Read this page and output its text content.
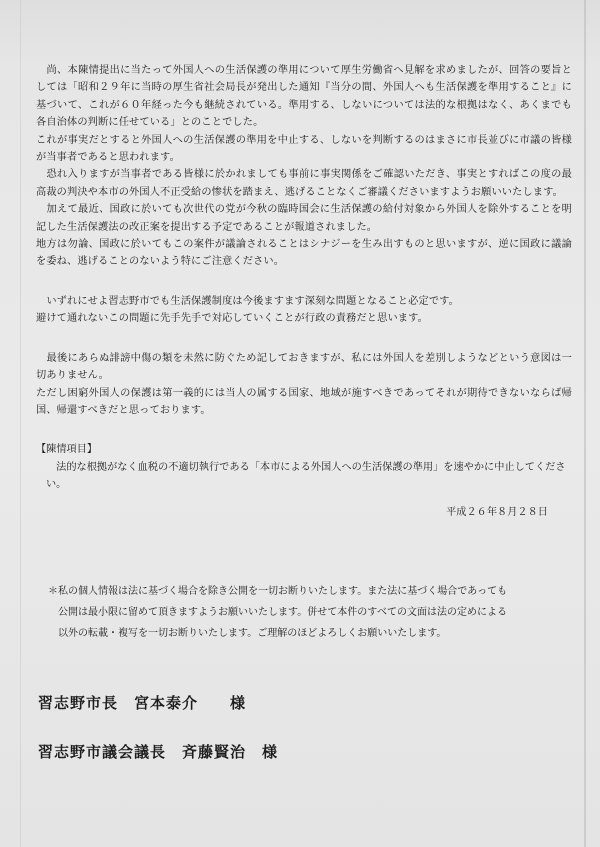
　尚、本陳情提出に当たって外国人への生活保護の準用について厚生労働省へ見解を求めましたが、回答の要旨としては「昭和２９年に当時の厚生省社会局長が発出した通知『当分の間、外国人へも生活保護を準用すること』に基づいて、これが６０年経った今も継続されている。準用する、しないについては法的な根拠はなく、あくまでも各自治体の判断に任せている」とのことでした。

これが事実だとすると外国人への生活保護の準用を中止する、しないを判断するのはまさに市長並びに市議の皆様が当事者であると思われます。

　恐れ入りますが当事者である皆様に於かれましても事前に事実関係をご確認いただき、事実とすればこの度の最高裁の判決や本市の外国人不正受給の惨状を踏まえ、逃げることなくご審議くださいますようお願いいたします。

　加えて最近、国政に於いても次世代の党が今秋の臨時国会に生活保護の給付対象から外国人を除外することを明記した生活保護法の改正案を提出する予定であることが報道されました。

地方は勿論、国政に於いてもこの案件が議論されることはシナジーを生み出すものと思いますが、逆に国政に議論を委ね、逃げることのないよう特にご注意ください。

　いずれにせよ習志野市でも生活保護制度は今後ますます深刻な問題となること必定です。

避けて通れないこの問題に先手先手で対応していくことが行政の責務だと思います。

　最後にあらぬ誹謗中傷の類を未然に防ぐため記しておきますが、私には外国人を差別しようなどという意図は一切ありません。

ただし困窮外国人の保護は第一義的には当人の属する国家、地域が施すべきであってそれが期待できないならば帰国、帰還すべきだと思っております。

【陳情項目】

　法的な根拠がなく血税の不適切執行である「本市による外国人への生活保護の準用」を速やかに中止してください。

平成２６年８月２８日

＊私の個人情報は法に基づく場合を除き公開を一切お断りいたします。また法に基づく場合であっても
　公開は最小限に留めて頂きますようお願いいたします。併せて本件のすべての文面は法の定めによる
　以外の転載・複写を一切お断りいたします。ご理解のほどよろしくお願いいたします。

習志野市長　宮本泰介　　様

習志野市議会議長　斉藤賢治　様
